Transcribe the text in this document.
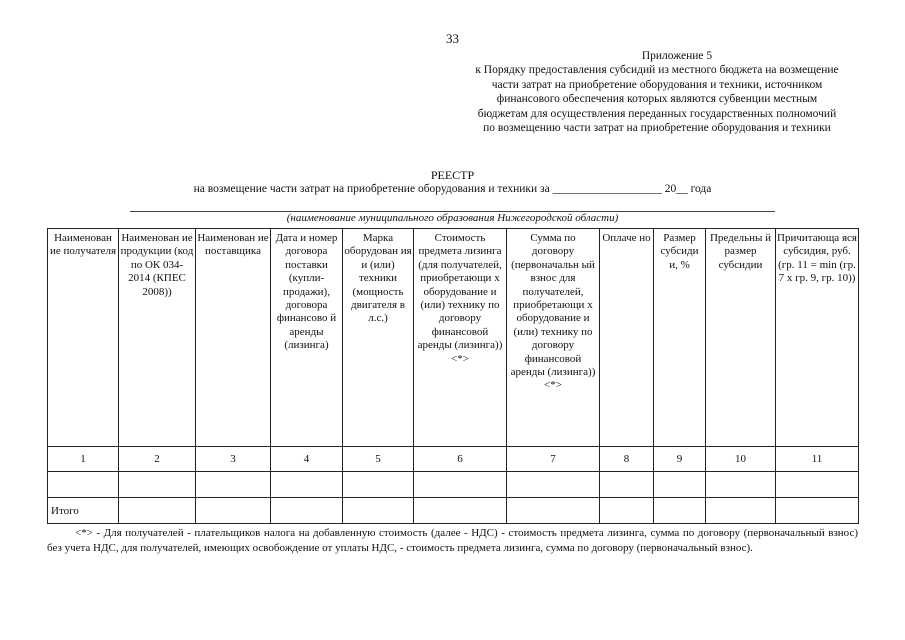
33
Приложение 5
к Порядку предоставления субсидий из местного бюджета на возмещение
части затрат на приобретение оборудования и техники, источником
финансового обеспечения которых являются субвенции местным
бюджетам для осуществления переданных государственных полномочий
по возмещению части затрат на приобретение оборудования и техники
РЕЕСТР
на возмещение части затрат на приобретение оборудования и техники за ___________________ 20__ года
(наименование муниципального образования Нижегородской области)
Наименован ие получателя	Наименован ие продукции (код по ОК 034-2014 (КПЕС 2008))	Наименован ие поставщика	Дата и номер договора поставки (купли-продажи), договора финансово й аренды (лизинга)	Марка оборудован ия и (или) техники (мощность двигателя в л.с.)	Стоимость предмета лизинга (для получателей, приобретающи х оборудование и (или) технику по договору финансовой аренды (лизинга)) <*>	Сумма по договору (первоначальн ый взнос для получателей, приобретающи х оборудование и (или) технику по договору финансовой аренды (лизинга)) <*>	Оплаче но	Размер субсиди и, %	Предельны й размер субсидии	Причитающа яся субсидия, руб. (гр. 11 = min (гр. 7 x гр. 9, гр. 10))

1	2	3	4	5	6	7	8	9	10	11

Итого										
<*> - Для получателей - плательщиков налога на добавленную стоимость (далее - НДС) - стоимость предмета лизинга, сумма по договору (первоначальный взнос) без учета НДС, для получателей, имеющих освобождение от уплаты НДС, - стоимость предмета лизинга, сумма по договору (первоначальный взнос).
